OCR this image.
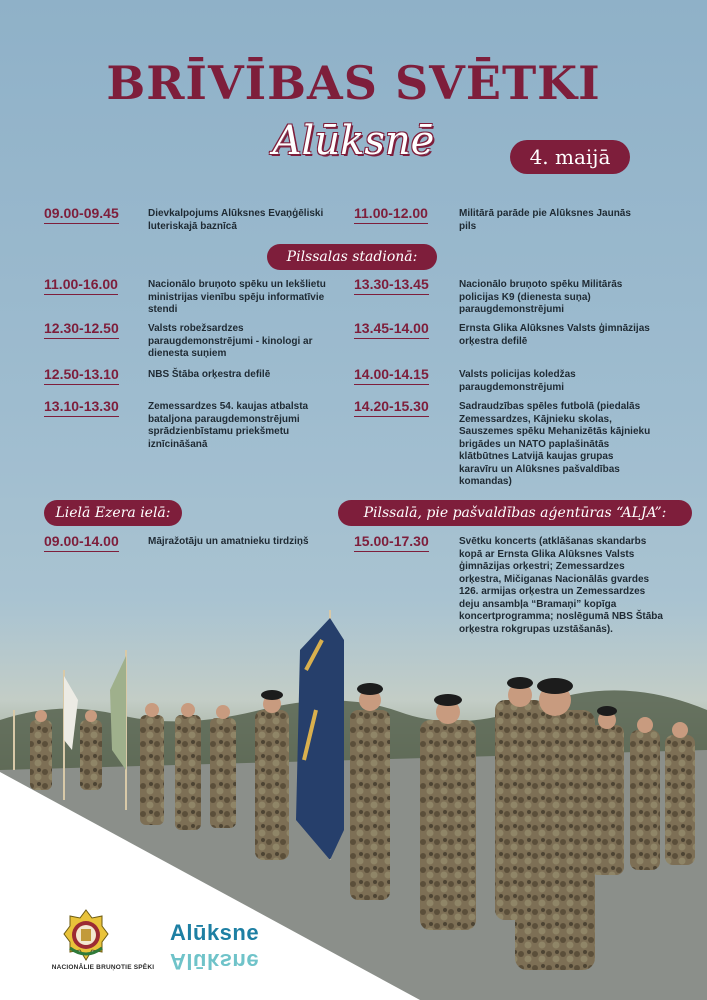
BRĪVĪBAS SVĒTKI
Alūksnē	4. maijā
09.00-09.45	Dievkalpojums Alūksnes Evaņģēliski luteriskajā baznīcā
11.00-12.00	Militārā parāde pie Alūksnes Jaunās pils
Pilssalas stadionā:
11.00-16.00	Nacionālo bruņoto spēku un Iekšlietu ministrijas vienību spēju informatīvie stendi
12.30-12.50	Valsts robežsardzes paraugdemonstrējumi - kinologi ar dienesta suņiem
12.50-13.10	NBS Štāba orķestra defilē
13.10-13.30	Zemessardzes 54. kaujas atbalsta bataljona paraugdemonstrējumi sprādzienbīstamu priekšmetu iznīcināšanā
13.30-13.45	Nacionālo bruņoto spēku Militārās policijas K9 (dienesta suņa) paraugdemonstrējumi
13.45-14.00	Ernsta Glika Alūksnes Valsts ģimnāzijas orķestra defilē
14.00-14.15	Valsts policijas koledžas paraugdemonstrējumi
14.20-15.30	Sadraudzības spēles futbolā (piedalās Zemessardzes, Kājnieku skolas, Sauszemes spēku Mehanizētās kājnieku brigādes un NATO paplašinātās klātbūtnes Latvijā kaujas grupas karavīru un Alūksnes pašvaldības komandas)
Lielā Ezera ielā:
09.00-14.00	Mājražotāju un amatnieku tirdziņš
Pilssalā, pie pašvaldības aģentūras “ALJA”:
15.00-17.30	Svētku koncerts (atklāšanas skandarbs kopā ar Ernsta Glika Alūksnes Valsts ģimnāzijas orķestri; Zemessardzes orķestra, Mičiganas Nacionālās gvardes 126. armijas orķestra un Zemessardzes deju ansambļa “Bramaņi” kopīga koncertprogramma; noslēgumā NBS Štāba orķestra rokgrupas uzstāšanās).
NACIONĀLIE BRUŅOTIE SPĒKI
Alūksne
Alūksne
